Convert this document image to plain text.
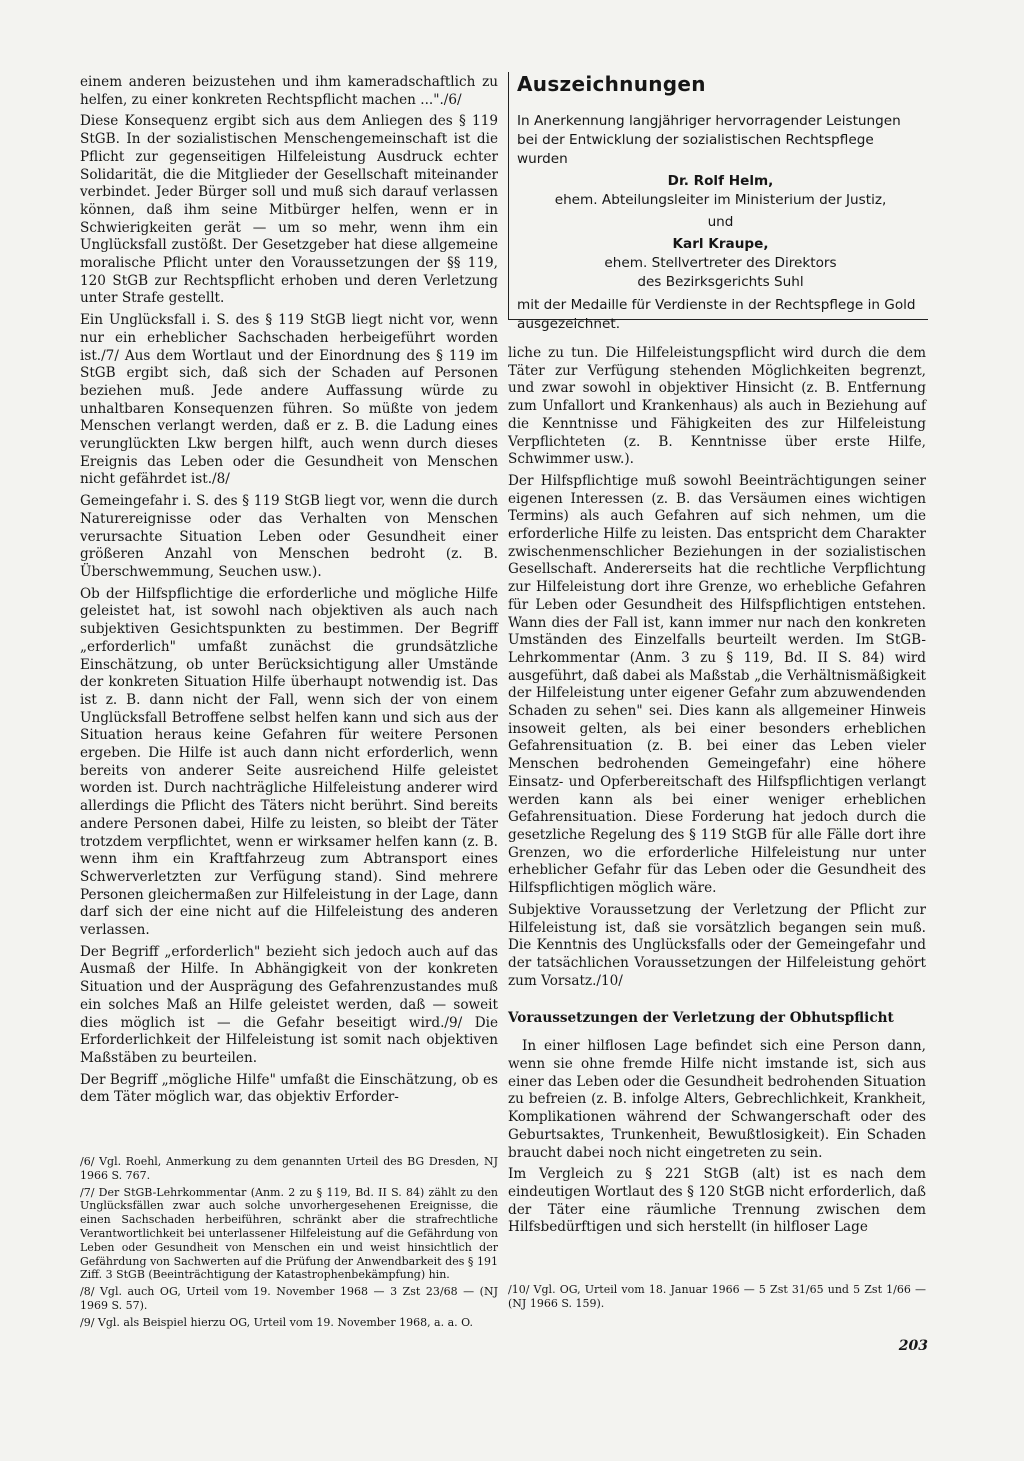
einem anderen beizustehen und ihm kameradschaftlich zu helfen, zu einer konkreten Rechtspflicht machen ..."./6/

Diese Konsequenz ergibt sich aus dem Anliegen des § 119 StGB. In der sozialistischen Menschengemeinschaft ist die Pflicht zur gegenseitigen Hilfeleistung Ausdruck echter Solidarität, die die Mitglieder der Gesellschaft miteinander verbindet. Jeder Bürger soll und muß sich darauf verlassen können, daß ihm seine Mitbürger helfen, wenn er in Schwierigkeiten gerät — um so mehr, wenn ihm ein Unglücksfall zustößt. Der Gesetzgeber hat diese allgemeine moralische Pflicht unter den Voraussetzungen der §§ 119, 120 StGB zur Rechtspflicht erhoben und deren Verletzung unter Strafe gestellt.

Ein Unglücksfall i. S. des § 119 StGB liegt nicht vor, wenn nur ein erheblicher Sachschaden herbeigeführt worden ist./7/ Aus dem Wortlaut und der Einordnung des § 119 im StGB ergibt sich, daß sich der Schaden auf Personen beziehen muß. Jede andere Auffassung würde zu unhaltbaren Konsequenzen führen. So müßte von jedem Menschen verlangt werden, daß er z. B. die Ladung eines verunglückten Lkw bergen hilft, auch wenn durch dieses Ereignis das Leben oder die Gesundheit von Menschen nicht gefährdet ist./8/

Gemeingefahr i. S. des § 119 StGB liegt vor, wenn die durch Naturereignisse oder das Verhalten von Menschen verursachte Situation Leben oder Gesundheit einer größeren Anzahl von Menschen bedroht (z. B. Überschwemmung, Seuchen usw.).

Ob der Hilfspflichtige die erforderliche und mögliche Hilfe geleistet hat, ist sowohl nach objektiven als auch nach subjektiven Gesichtspunkten zu bestimmen. Der Begriff „erforderlich" umfaßt zunächst die grundsätzliche Einschätzung, ob unter Berücksichtigung aller Umstände der konkreten Situation Hilfe überhaupt notwendig ist. Das ist z. B. dann nicht der Fall, wenn sich der von einem Unglücksfall Betroffene selbst helfen kann und sich aus der Situation heraus keine Gefahren für weitere Personen ergeben. Die Hilfe ist auch dann nicht erforderlich, wenn bereits von anderer Seite ausreichend Hilfe geleistet worden ist. Durch nachträgliche Hilfeleistung anderer wird allerdings die Pflicht des Täters nicht berührt. Sind bereits andere Personen dabei, Hilfe zu leisten, so bleibt der Täter trotzdem verpflichtet, wenn er wirksamer helfen kann (z. B. wenn ihm ein Kraftfahrzeug zum Abtransport eines Schwerverletzten zur Verfügung stand). Sind mehrere Personen gleichermaßen zur Hilfeleistung in der Lage, dann darf sich der eine nicht auf die Hilfeleistung des anderen verlassen.

Der Begriff „erforderlich" bezieht sich jedoch auch auf das Ausmaß der Hilfe. In Abhängigkeit von der konkreten Situation und der Ausprägung des Gefahrenzustandes muß ein solches Maß an Hilfe geleistet werden, daß — soweit dies möglich ist — die Gefahr beseitigt wird./9/ Die Erforderlichkeit der Hilfeleistung ist somit nach objektiven Maßstäben zu beurteilen.

Der Begriff „mögliche Hilfe" umfaßt die Einschätzung, ob es dem Täter möglich war, das objektiv Erforder-

Auszeichnungen

In Anerkennung langjähriger hervorragender Leistungen bei der Entwicklung der sozialistischen Rechtspflege wurden

Dr. Rolf Helm,
ehem. Abteilungsleiter im Ministerium der Justiz,
und
Karl Kraupe,
ehem. Stellvertreter des Direktors
des Bezirksgerichts Suhl

mit der Medaille für Verdienste in der Rechtspflege in Gold ausgezeichnet.

liche zu tun. Die Hilfeleistungspflicht wird durch die dem Täter zur Verfügung stehenden Möglichkeiten begrenzt, und zwar sowohl in objektiver Hinsicht (z. B. Entfernung zum Unfallort und Krankenhaus) als auch in Beziehung auf die Kenntnisse und Fähigkeiten des zur Hilfeleistung Verpflichteten (z. B. Kenntnisse über erste Hilfe, Schwimmer usw.).

Der Hilfspflichtige muß sowohl Beeinträchtigungen seiner eigenen Interessen (z. B. das Versäumen eines wichtigen Termins) als auch Gefahren auf sich nehmen, um die erforderliche Hilfe zu leisten. Das entspricht dem Charakter zwischenmenschlicher Beziehungen in der sozialistischen Gesellschaft. Andererseits hat die rechtliche Verpflichtung zur Hilfeleistung dort ihre Grenze, wo erhebliche Gefahren für Leben oder Gesundheit des Hilfspflichtigen entstehen. Wann dies der Fall ist, kann immer nur nach den konkreten Umständen des Einzelfalls beurteilt werden. Im StGB-Lehrkommentar (Anm. 3 zu § 119, Bd. II S. 84) wird ausgeführt, daß dabei als Maßstab „die Verhältnismäßigkeit der Hilfeleistung unter eigener Gefahr zum abzuwendenden Schaden zu sehen" sei. Dies kann als allgemeiner Hinweis insoweit gelten, als bei einer besonders erheblichen Gefahrensituation (z. B. bei einer das Leben vieler Menschen bedrohenden Gemeingefahr) eine höhere Einsatz- und Opferbereitschaft des Hilfspflichtigen verlangt werden kann als bei einer weniger erheblichen Gefahrensituation. Diese Forderung hat jedoch durch die gesetzliche Regelung des § 119 StGB für alle Fälle dort ihre Grenzen, wo die erforderliche Hilfeleistung nur unter erheblicher Gefahr für das Leben oder die Gesundheit des Hilfspflichtigen möglich wäre.

Subjektive Voraussetzung der Verletzung der Pflicht zur Hilfeleistung ist, daß sie vorsätzlich begangen sein muß. Die Kenntnis des Unglücksfalls oder der Gemeingefahr und der tatsächlichen Voraussetzungen der Hilfeleistung gehört zum Vorsatz./10/

Voraussetzungen der Verletzung der Obhutspflicht

In einer hilflosen Lage befindet sich eine Person dann, wenn sie ohne fremde Hilfe nicht imstande ist, sich aus einer das Leben oder die Gesundheit bedrohenden Situation zu befreien (z. B. infolge Alters, Gebrechlichkeit, Krankheit, Komplikationen während der Schwangerschaft oder des Geburtsaktes, Trunkenheit, Bewußtlosigkeit). Ein Schaden braucht dabei noch nicht eingetreten zu sein.

Im Vergleich zu § 221 StGB (alt) ist es nach dem eindeutigen Wortlaut des § 120 StGB nicht erforderlich, daß der Täter eine räumliche Trennung zwischen dem Hilfsbedürftigen und sich herstellt (in hilfloser Lage

/6/ Vgl. Roehl, Anmerkung zu dem genannten Urteil des BG Dresden, NJ 1966 S. 767.

/7/ Der StGB-Lehrkommentar (Anm. 2 zu § 119, Bd. II S. 84) zählt zu den Unglücksfällen zwar auch solche unvorhergesehenen Ereignisse, die einen Sachschaden herbeiführen, schränkt aber die strafrechtliche Verantwortlichkeit bei unterlassener Hilfeleistung auf die Gefährdung von Leben oder Gesundheit von Menschen ein und weist hinsichtlich der Gefährdung von Sachwerten auf die Prüfung der Anwendbarkeit des § 191 Ziff. 3 StGB (Beeinträchtigung der Katastrophenbekämpfung) hin.

/8/ Vgl. auch OG, Urteil vom 19. November 1968 — 3 Zst 23/68 — (NJ 1969 S. 57).

/9/ Vgl. als Beispiel hierzu OG, Urteil vom 19. November 1968, a. a. O.

/10/ Vgl. OG, Urteil vom 18. Januar 1966 — 5 Zst 31/65 und 5 Zst 1/66 — (NJ 1966 S. 159).

203
